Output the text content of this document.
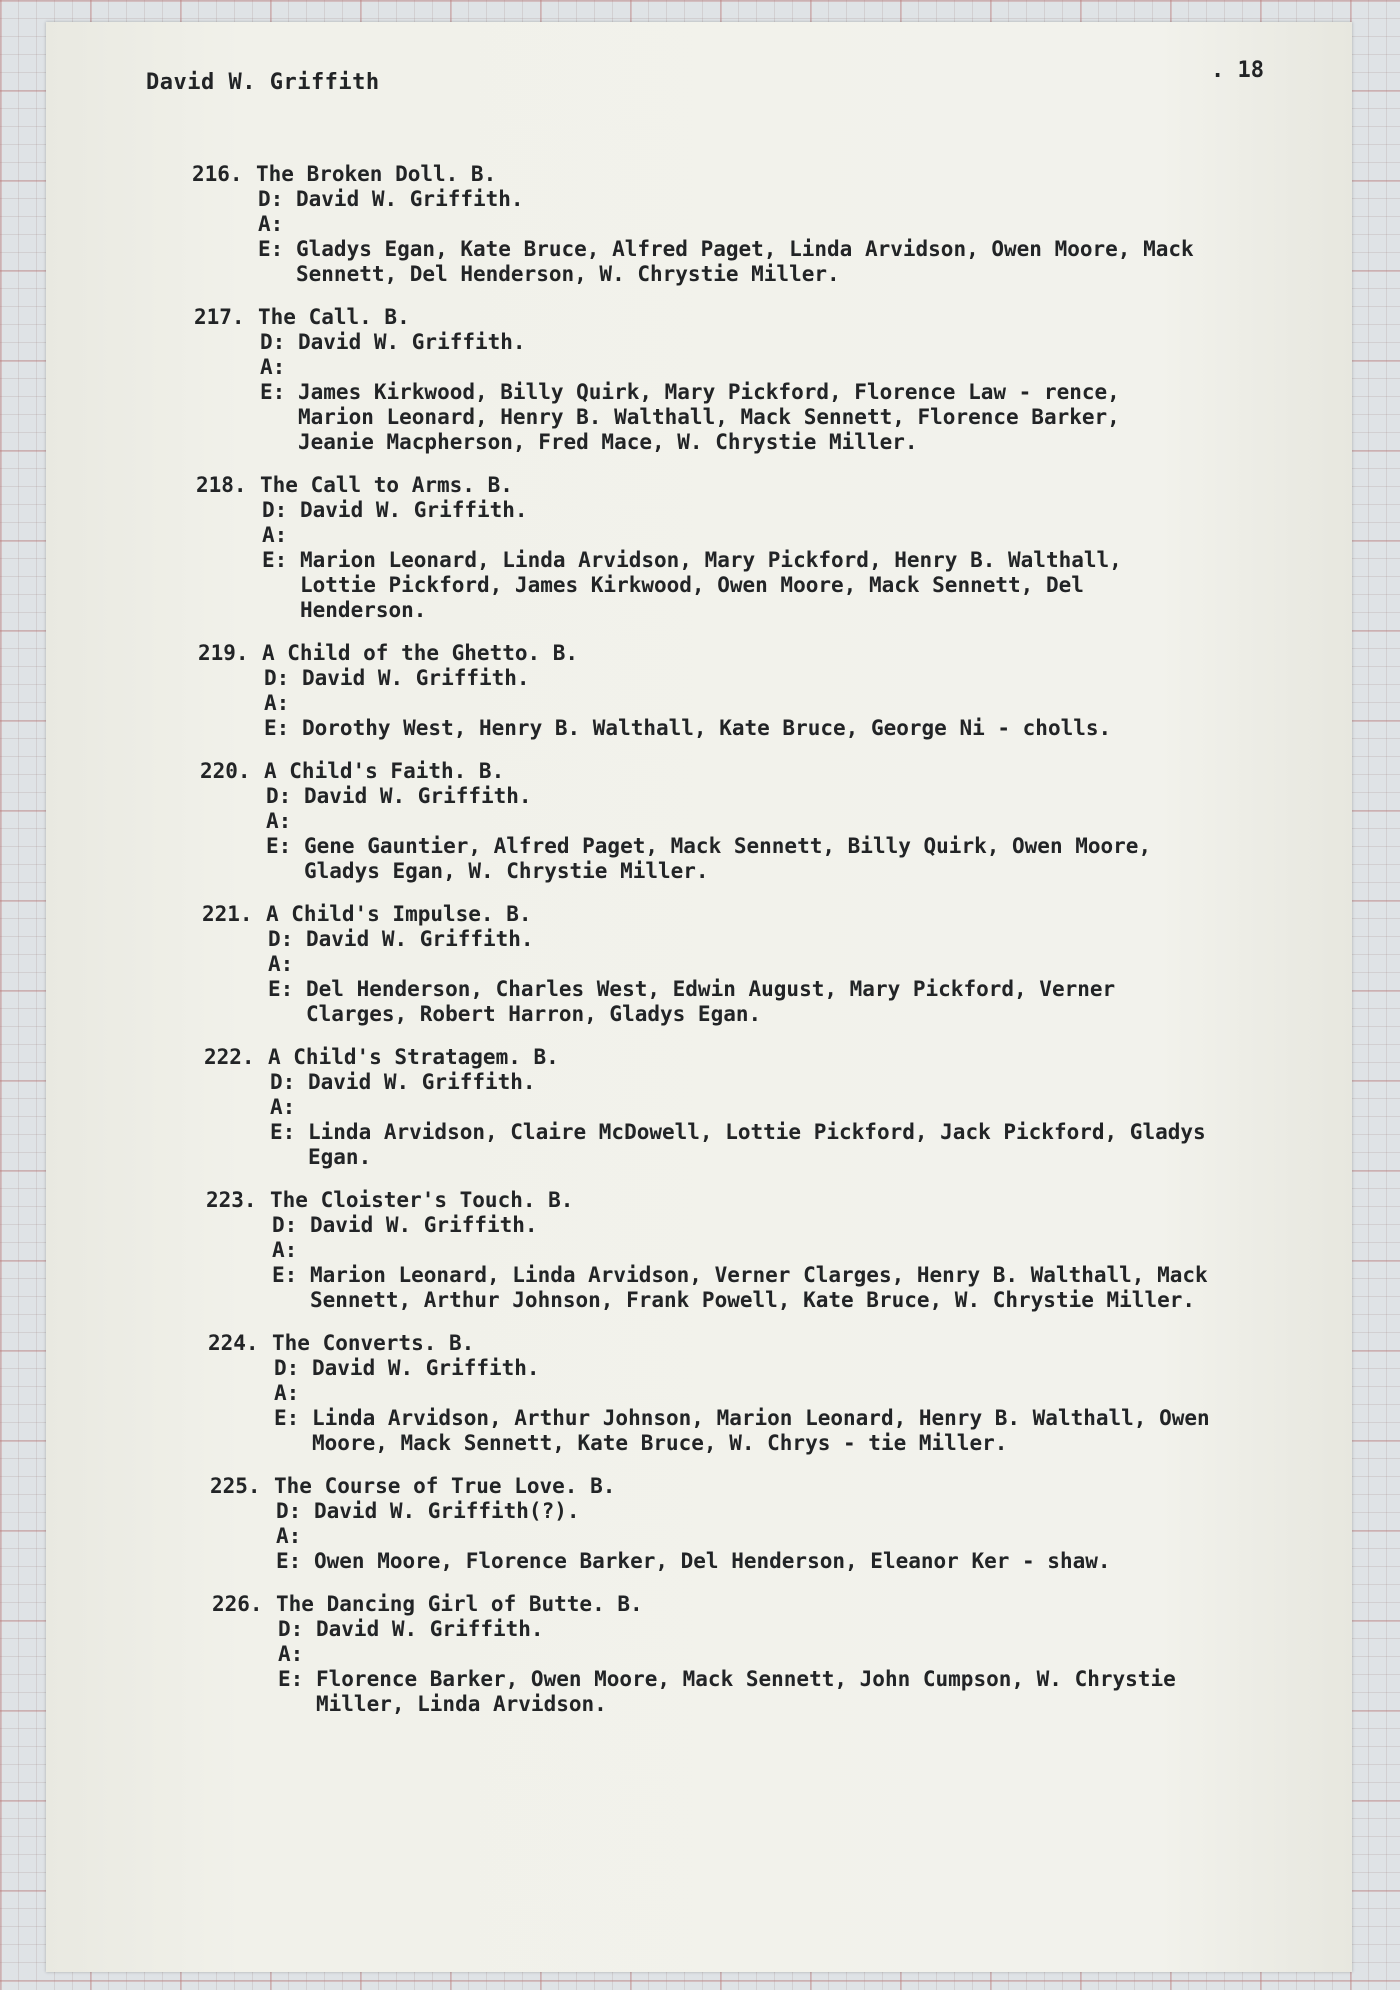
David W. Griffith	. 18
216. The Broken Doll. B.
D: David W. Griffith.
A:
E: Gladys Egan, Kate Bruce, Alfred Paget, Linda Arvidson, Owen Moore, Mack Sennett, Del Henderson, W. Chrystie Miller.
217. The Call. B.
D: David W. Griffith.
A:
E: James Kirkwood, Billy Quirk, Mary Pickford, Florence Law - rence, Marion Leonard, Henry B. Walthall, Mack Sennett, Florence Barker, Jeanie Macpherson, Fred Mace, W. Chrystie Miller.
218. The Call to Arms. B.
D: David W. Griffith.
A:
E: Marion Leonard, Linda Arvidson, Mary Pickford, Henry B. Walthall, Lottie Pickford, James Kirkwood, Owen Moore, Mack Sennett, Del Henderson.
219. A Child of the Ghetto. B.
D: David W. Griffith.
A:
E: Dorothy West, Henry B. Walthall, Kate Bruce, George Ni - cholls.
220. A Child's Faith. B.
D: David W. Griffith.
A:
E: Gene Gauntier, Alfred Paget, Mack Sennett, Billy Quirk, Owen Moore, Gladys Egan, W. Chrystie Miller.
221. A Child's Impulse. B.
D: David W. Griffith.
A:
E: Del Henderson, Charles West, Edwin August, Mary Pickford, Verner Clarges, Robert Harron, Gladys Egan.
222. A Child's Stratagem. B.
D: David W. Griffith.
A:
E: Linda Arvidson, Claire McDowell, Lottie Pickford, Jack Pickford, Gladys Egan.
223. The Cloister's Touch. B.
D: David W. Griffith.
A:
E: Marion Leonard, Linda Arvidson, Verner Clarges, Henry B. Walthall, Mack Sennett, Arthur Johnson, Frank Powell, Kate Bruce, W. Chrystie Miller.
224. The Converts. B.
D: David W. Griffith.
A:
E: Linda Arvidson, Arthur Johnson, Marion Leonard, Henry B. Walthall, Owen Moore, Mack Sennett, Kate Bruce, W. Chrys - tie Miller.
225. The Course of True Love. B.
D: David W. Griffith(?).
A:
E: Owen Moore, Florence Barker, Del Henderson, Eleanor Ker - shaw.
226. The Dancing Girl of Butte. B.
D: David W. Griffith.
A:
E: Florence Barker, Owen Moore, Mack Sennett, John Cumpson, W. Chrystie Miller, Linda Arvidson.
